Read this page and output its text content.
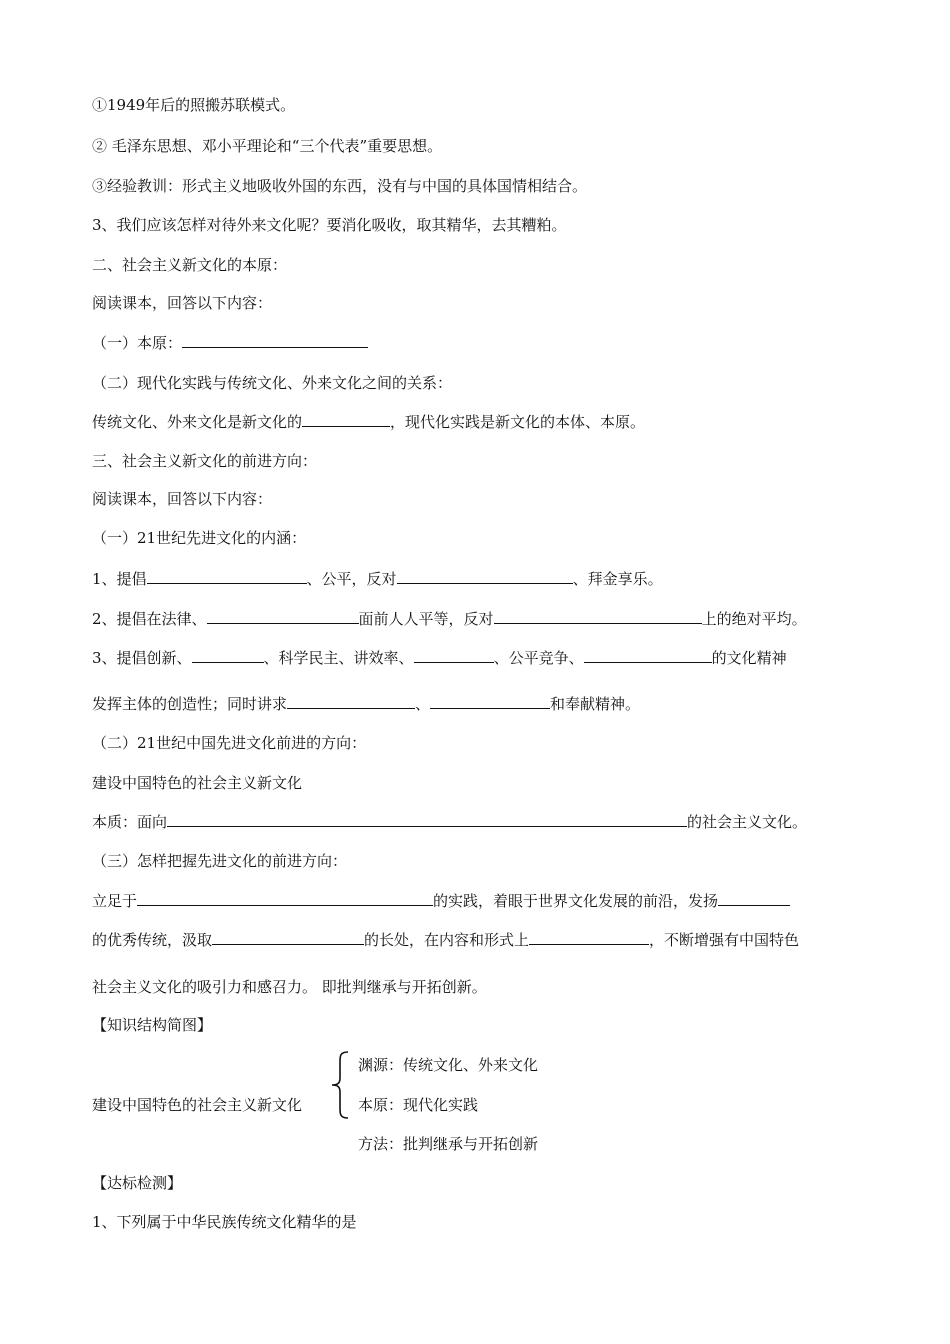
①1949年后的照搬苏联模式。
② 毛泽东思想、邓小平理论和“三个代表”重要思想。
③经验教训：形式主义地吸收外国的东西，没有与中国的具体国情相结合。
3、我们应该怎样对待外来文化呢？要消化吸收，取其精华，去其糟粕。
二、社会主义新文化的本原：
阅读课本，回答以下内容：
（一）本原：
（二）现代化实践与传统文化、外来文化之间的关系：
传统文化、外来文化是新文化的	，现代化实践是新文化的本体、本原。
三、社会主义新文化的前进方向：
阅读课本，回答以下内容：
（一）21世纪先进文化的内涵：
1、提倡	、公平，反对	、拜金享乐。
2、提倡在法律、	面前人人平等，反对	上的绝对平均。
3、提倡创新、	、科学民主、讲效率、	、公平竞争、	的文化精神
发挥主体的创造性；同时讲求	、	和奉献精神。
（二）21世纪中国先进文化前进的方向：
建设中国特色的社会主义新文化
本质：面向	的社会主义文化。
（三）怎样把握先进文化的前进方向：
立足于	的实践，着眼于世界文化发展的前沿，发扬
的优秀传统，汲取	的长处，在内容和形式上	，不断增强有中国特色
社会主义文化的吸引力和感召力。 即批判继承与开拓创新。
【知识结构简图】
建设中国特色的社会主义新文化
渊源：传统文化、外来文化
本原：现代化实践
方法：批判继承与开拓创新
【达标检测】
1、下列属于中华民族传统文化精华的是
